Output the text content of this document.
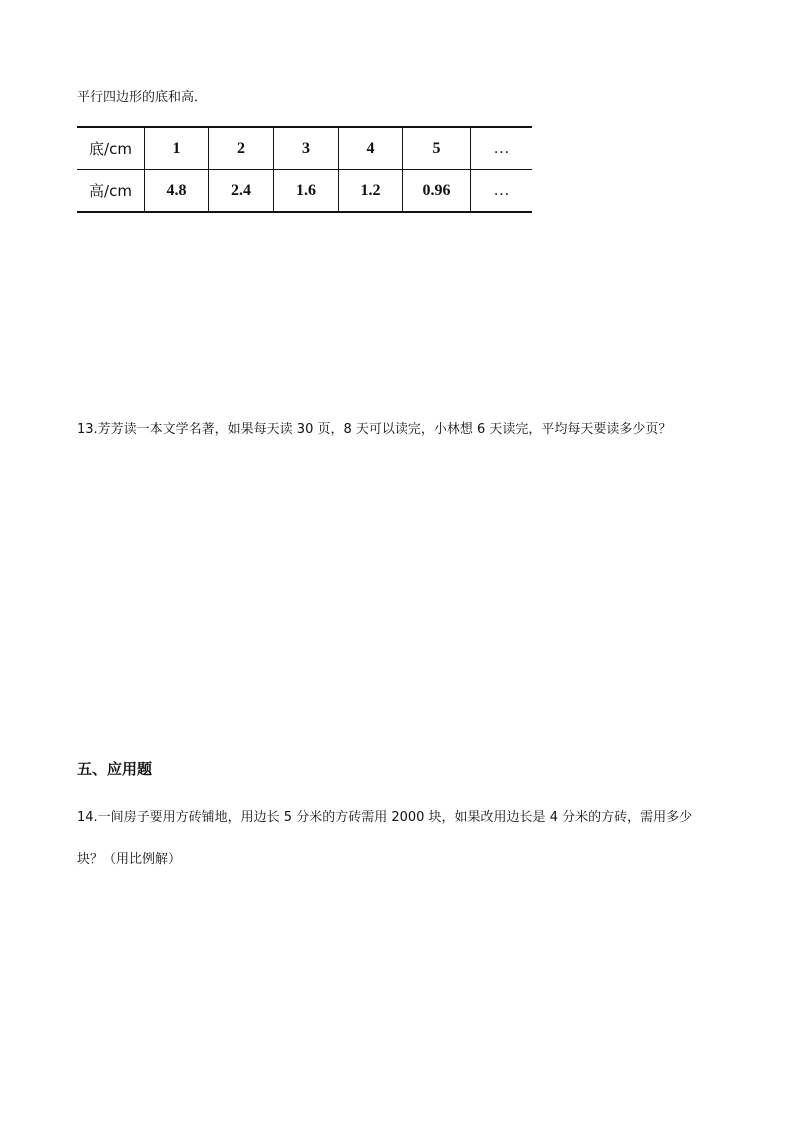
平行四边形的底和高．
底/cm	1	2	3	4	5	…
高/cm	4.8	2.4	1.6	1.2	0.96	…
13.芳芳读一本文学名著，如果每天读 30 页，8 天可以读完，小林想 6 天读完，平均每天要读多少页？
五、应用题
14.一间房子要用方砖铺地，用边长 5 分米的方砖需用 2000 块，如果改用边长是 4 分米的方砖，需用多少
块？（用比例解）
